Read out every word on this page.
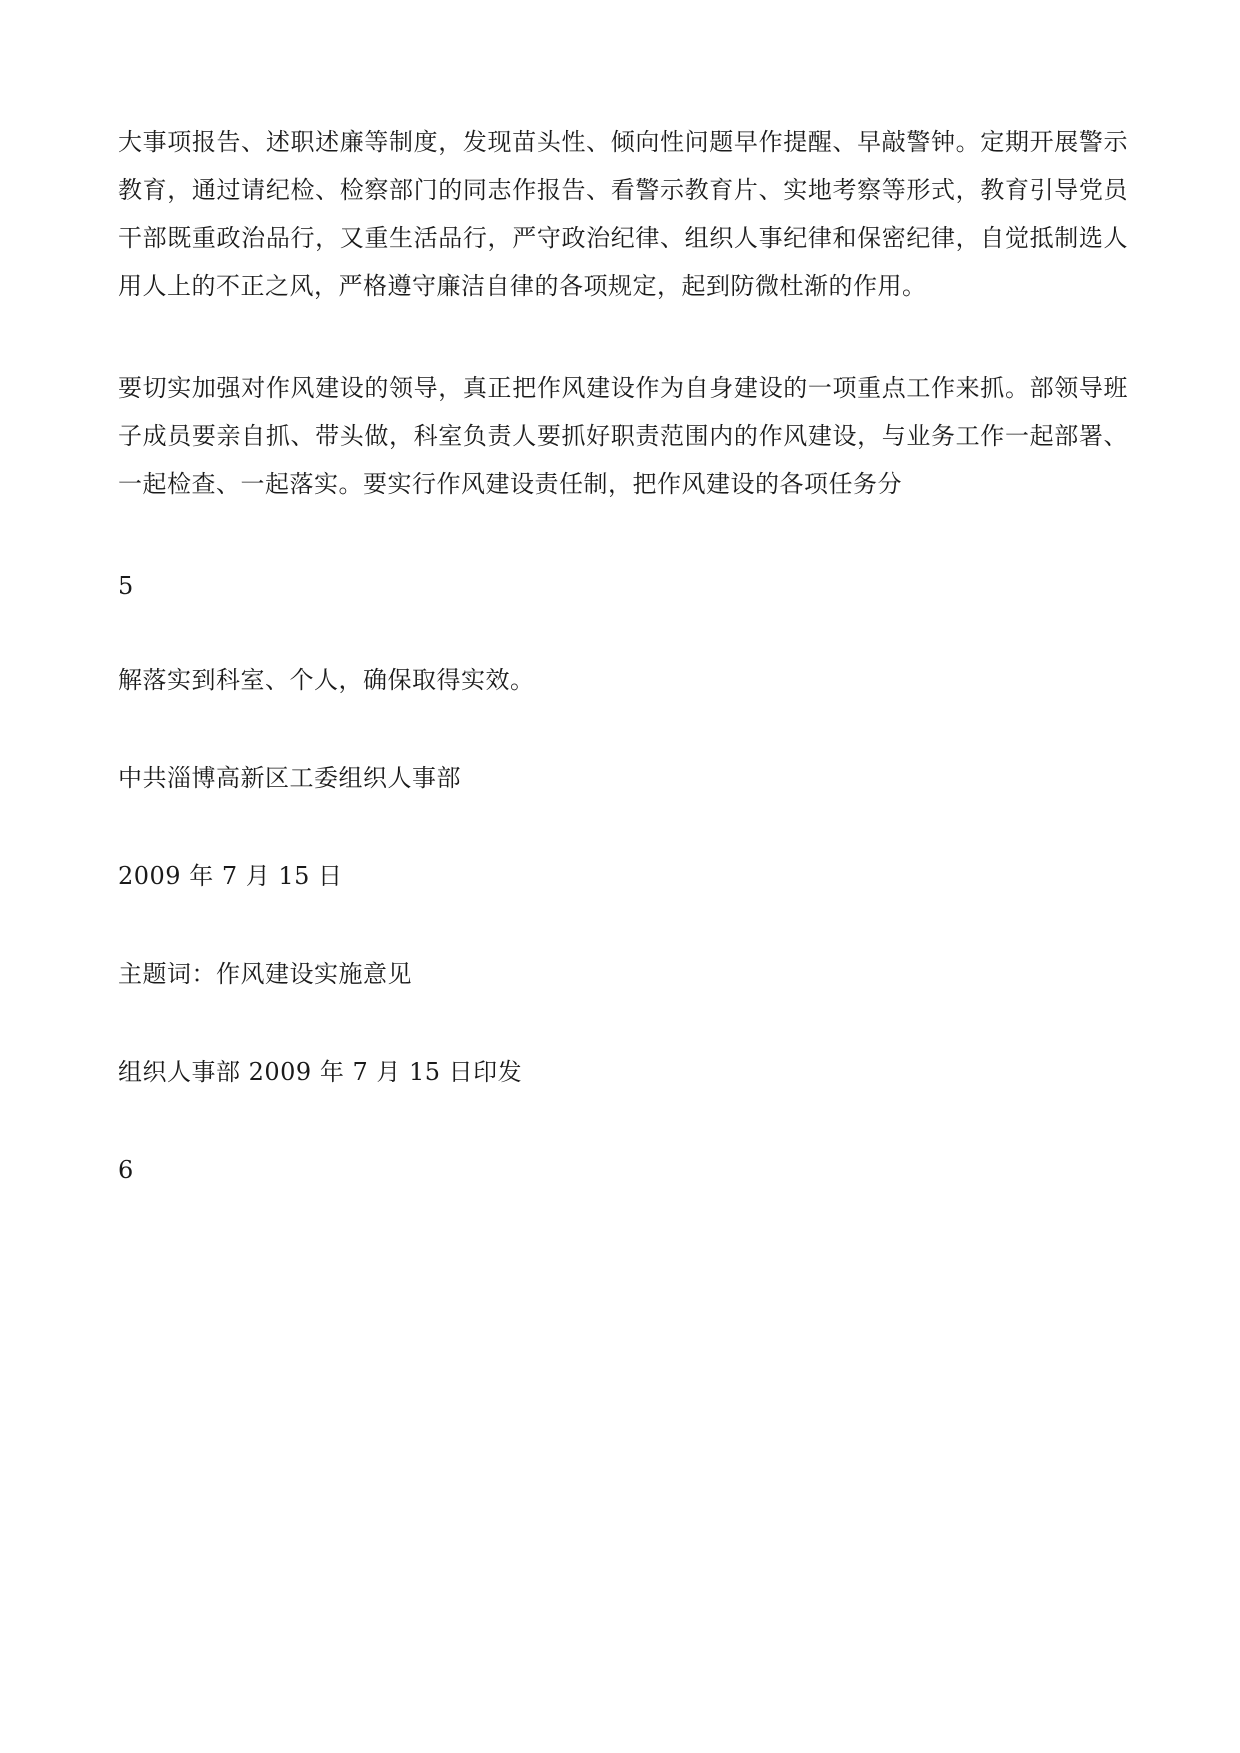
大事项报告、述职述廉等制度，发现苗头性、倾向性问题早作提醒、早敲警钟。定期开展警示教育，通过请纪检、检察部门的同志作报告、看警示教育片、实地考察等形式，教育引导党员干部既重政治品行，又重生活品行，严守政治纪律、组织人事纪律和保密纪律，自觉抵制选人用人上的不正之风，严格遵守廉洁自律的各项规定，起到防微杜渐的作用。

要切实加强对作风建设的领导，真正把作风建设作为自身建设的一项重点工作来抓。部领导班子成员要亲自抓、带头做，科室负责人要抓好职责范围内的作风建设，与业务工作一起部署、一起检查、一起落实。要实行作风建设责任制，把作风建设的各项任务分

5

解落实到科室、个人，确保取得实效。

中共淄博高新区工委组织人事部

2009 年 7 月 15 日

主题词：作风建设实施意见

组织人事部 2009 年 7 月 15 日印发

6
